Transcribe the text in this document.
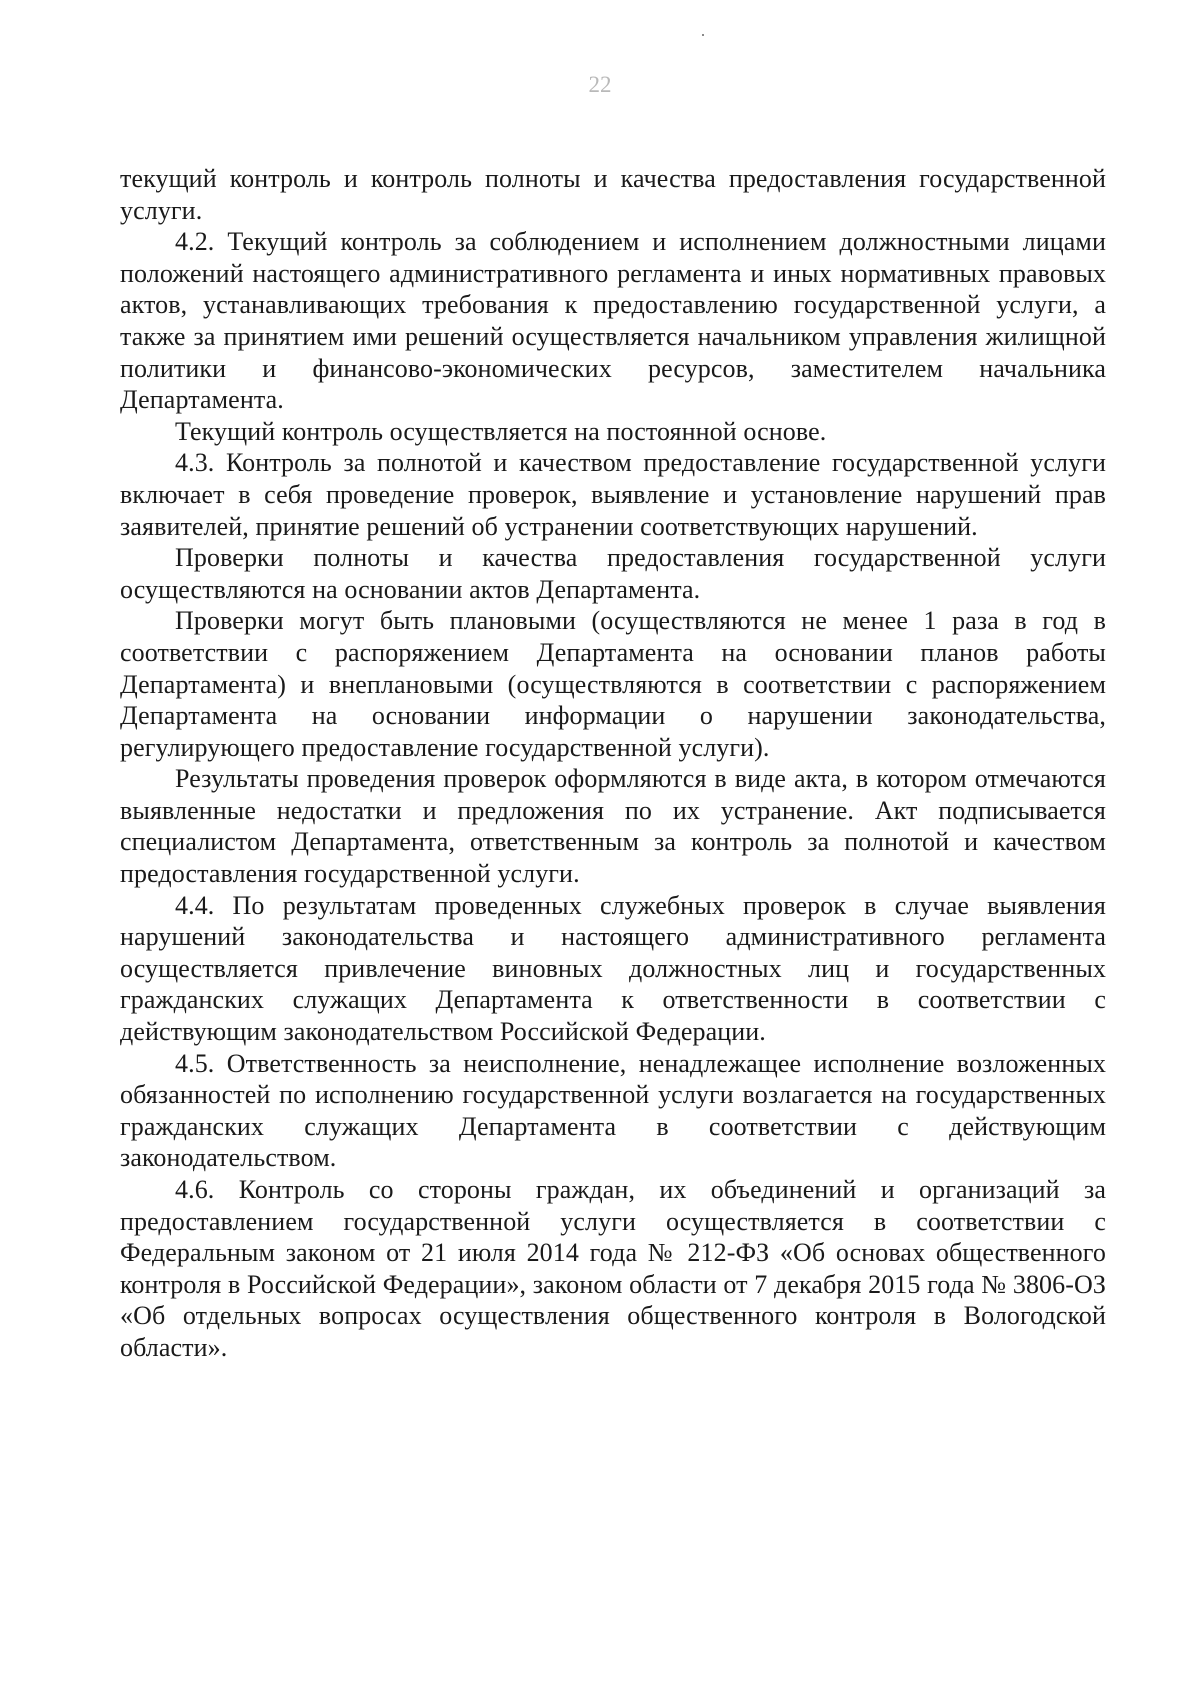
22

текущий контроль и контроль полноты и качества предоставления государственной услуги.

4.2. Текущий контроль за соблюдением и исполнением должностными лицами положений настоящего административного регламента и иных нормативных правовых актов, устанавливающих требования к предоставлению государственной услуги, а также за принятием ими решений осуществляется начальником управления жилищной политики и финансово-экономических ресурсов, заместителем начальника Департамента.

Текущий контроль осуществляется на постоянной основе.

4.3. Контроль за полнотой и качеством предоставление государственной услуги включает в себя проведение проверок, выявление и установление нарушений прав заявителей, принятие решений об устранении соответствующих нарушений.

Проверки полноты и качества предоставления государственной услуги осуществляются на основании актов Департамента.

Проверки могут быть плановыми (осуществляются не менее 1 раза в год в соответствии с распоряжением Департамента на основании планов работы Департамента) и внеплановыми (осуществляются в соответствии с распоряжением Департамента на основании информации о нарушении законодательства, регулирующего предоставление государственной услуги).

Результаты проведения проверок оформляются в виде акта, в котором отмечаются выявленные недостатки и предложения по их устранение. Акт подписывается специалистом Департамента, ответственным за контроль за полнотой и качеством предоставления государственной услуги.

4.4. По результатам проведенных служебных проверок в случае выявления нарушений законодательства и настоящего административного регламента осуществляется привлечение виновных должностных лиц и государственных гражданских служащих Департамента к ответственности в соответствии с действующим законодательством Российской Федерации.

4.5. Ответственность за неисполнение, ненадлежащее исполнение возложенных обязанностей по исполнению государственной услуги возлагается на государственных гражданских служащих Департамента в соответствии с действующим законодательством.

4.6. Контроль со стороны граждан, их объединений и организаций за предоставлением государственной услуги осуществляется в соответствии с Федеральным законом от 21 июля 2014 года № 212-ФЗ «Об основах общественного контроля в Российской Федерации», законом области от 7 декабря 2015 года № 3806-ОЗ «Об отдельных вопросах осуществления общественного контроля в Вологодской области».
